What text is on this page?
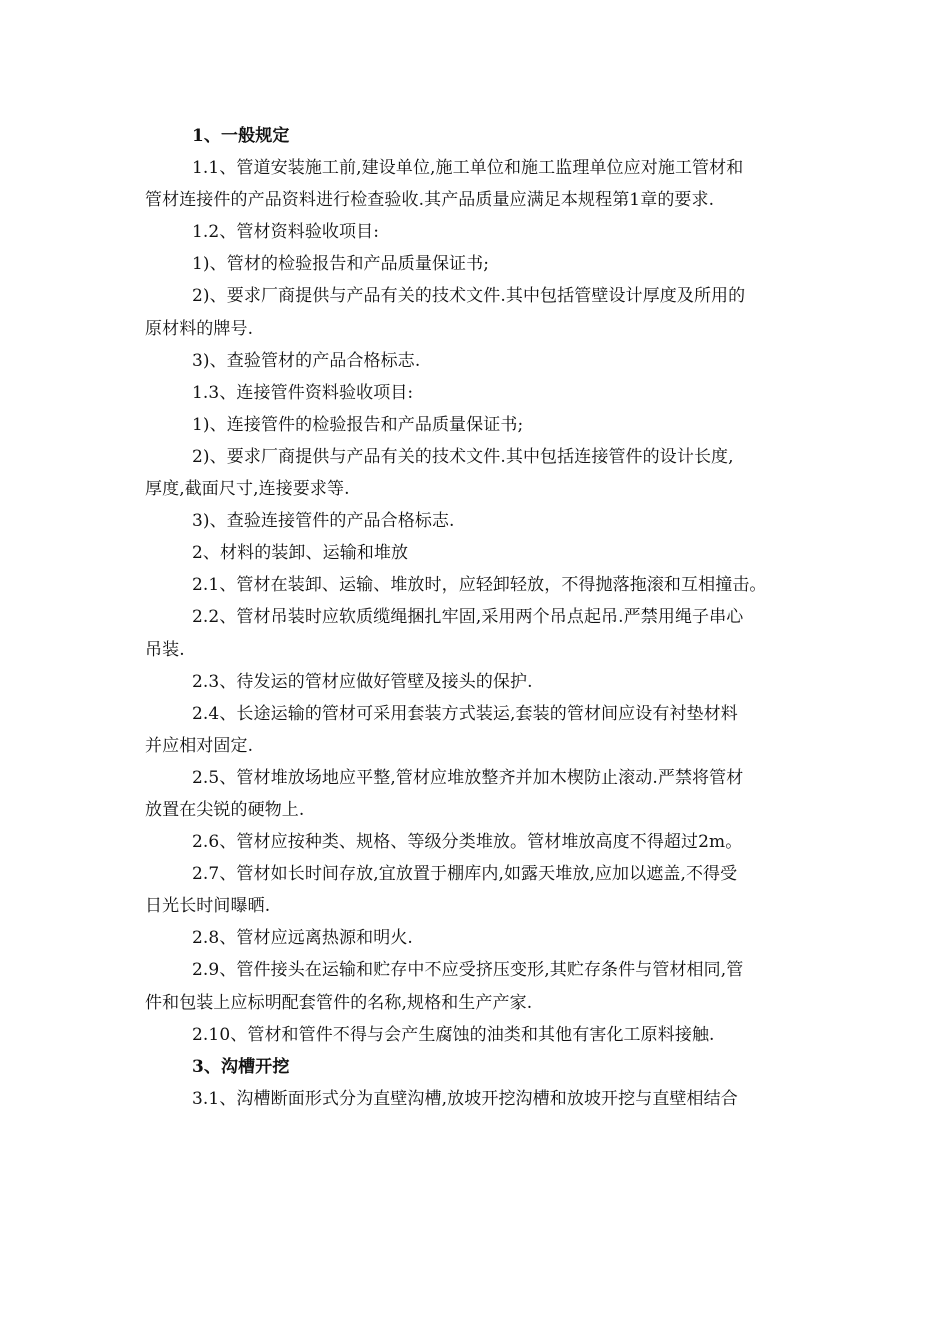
1、一般规定
1.1、管道安装施工前,建设单位,施工单位和施工监理单位应对施工管材和
管材连接件的产品资料进行检查验收.其产品质量应满足本规程第1章的要求.
1.2、管材资料验收项目:
1)、管材的检验报告和产品质量保证书;
2)、要求厂商提供与产品有关的技术文件.其中包括管壁设计厚度及所用的
原材料的牌号.
3)、查验管材的产品合格标志.
1.3、连接管件资料验收项目:
1)、连接管件的检验报告和产品质量保证书;
2)、要求厂商提供与产品有关的技术文件.其中包括连接管件的设计长度,
厚度,截面尺寸,连接要求等.
3)、查验连接管件的产品合格标志.
2、材料的装卸、运输和堆放
2.1、管材在装卸、运输、堆放时，应轻卸轻放，不得抛落拖滚和互相撞击。
2.2、管材吊装时应软质缆绳捆扎牢固,采用两个吊点起吊.严禁用绳子串心
吊装.
2.3、待发运的管材应做好管壁及接头的保护.
2.4、长途运输的管材可采用套装方式装运,套装的管材间应设有衬垫材料
并应相对固定.
2.5、管材堆放场地应平整,管材应堆放整齐并加木楔防止滚动.严禁将管材
放置在尖锐的硬物上.
2.6、管材应按种类、规格、等级分类堆放。管材堆放高度不得超过2m。
2.7、管材如长时间存放,宜放置于棚库内,如露天堆放,应加以遮盖,不得受
日光长时间曝晒.
2.8、管材应远离热源和明火.
2.9、管件接头在运输和贮存中不应受挤压变形,其贮存条件与管材相同,管
件和包装上应标明配套管件的名称,规格和生产产家.
2.10、管材和管件不得与会产生腐蚀的油类和其他有害化工原料接触.
3、沟槽开挖
3.1、沟槽断面形式分为直壁沟槽,放坡开挖沟槽和放坡开挖与直壁相结合
